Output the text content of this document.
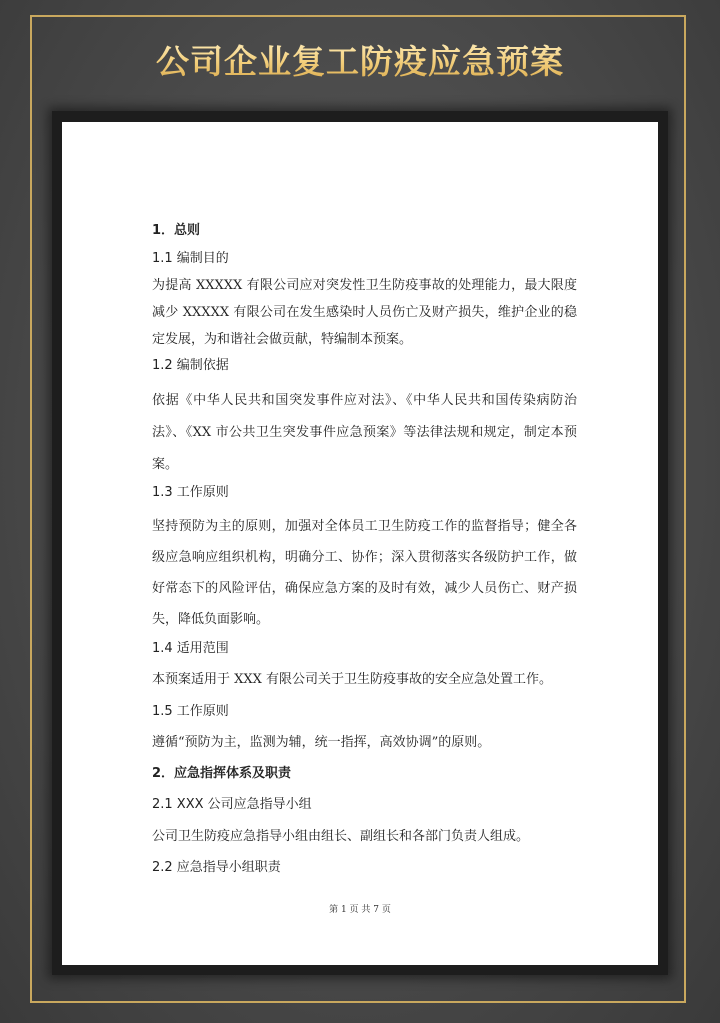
公司企业复工防疫应急预案
1．总则
1.1 编制目的
为提高 XXXXX 有限公司应对突发性卫生防疫事故的处理能力，最大限度减少 XXXXX 有限公司在发生感染时人员伤亡及财产损失，维护企业的稳定发展，为和谐社会做贡献，特编制本预案。
1.2 编制依据
依据《中华人民共和国突发事件应对法》、《中华人民共和国传染病防治法》、《XX 市公共卫生突发事件应急预案》等法律法规和规定，制定本预案。
1.3 工作原则
坚持预防为主的原则，加强对全体员工卫生防疫工作的监督指导；健全各级应急响应组织机构，明确分工、协作；深入贯彻落实各级防护工作，做好常态下的风险评估，确保应急方案的及时有效，减少人员伤亡、财产损失，降低负面影响。
1.4 适用范围
本预案适用于 XXX 有限公司关于卫生防疫事故的安全应急处置工作。
1.5 工作原则
遵循“预防为主，监测为辅，统一指挥，高效协调”的原则。
2．应急指挥体系及职责
2.1 XXX 公司应急指导小组
公司卫生防疫应急指导小组由组长、副组长和各部门负责人组成。
2.2 应急指导小组职责
第 1 页 共 7 页
